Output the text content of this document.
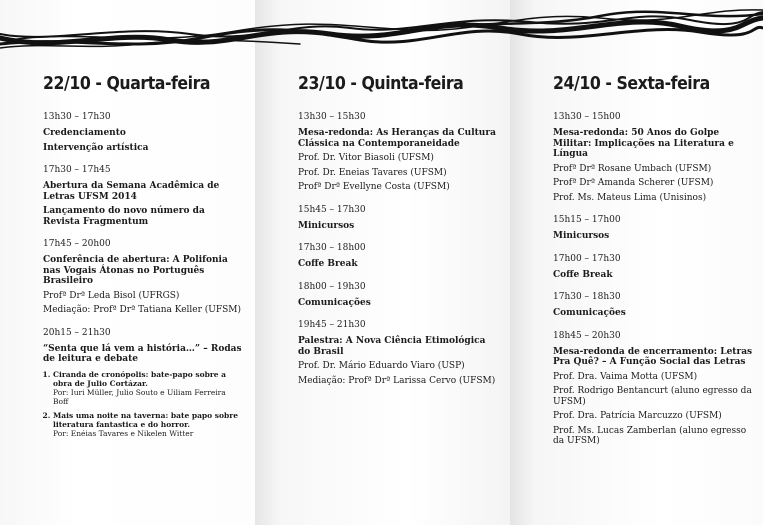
22/10 - Quarta-feira
13h30 – 17h30
Credenciamento
Intervenção artística
17h30 – 17h45
Abertura da Semana Acadêmica de Letras UFSM 2014
Lançamento do novo número da Revista Fragmentum
17h45 – 20h00
Conferência de abertura: A Polifonia nas Vogais Átonas no Português Brasileiro
Profª Drª Leda Bisol (UFRGS)
Mediação: Profª Drª Tatiana Keller (UFSM)
20h15 – 21h30
“Senta que lá vem a história…” – Rodas de leitura e debate
1. Ciranda de cronópolis: bate-papo sobre a obra de Julio Cortázar.
Por: Iuri Müller, Julio Souto e Uiliam Ferreira Boff
2. Mais uma noite na taverna: bate papo sobre literatura fantastica e do horror.
Por: Enéias Tavares e Nikelen Witter
23/10 - Quinta-feira
13h30 – 15h30
Mesa-redonda: As Heranças da Cultura Clássica na Contemporaneidade
Prof. Dr. Vitor Biasoli (UFSM)
Prof. Dr. Eneias Tavares (UFSM)
Profª Drª Evellyne Costa (UFSM)
15h45 – 17h30
Minicursos
17h30 – 18h00
Coffe Break
18h00 – 19h30
Comunicações
19h45 – 21h30
Palestra: A Nova Ciência Etimológica do Brasil
Prof. Dr. Mário Eduardo Viaro (USP)
Mediação: Profª Drª Larissa Cervo (UFSM)
24/10 - Sexta-feira
13h30 – 15h00
Mesa-redonda: 50 Anos do Golpe Militar: Implicações na Literatura e Língua
Profª Drª Rosane Umbach (UFSM)
Profª Drª Amanda Scherer (UFSM)
Prof. Ms. Mateus Lima (Unisinos)
15h15 – 17h00
Minicursos
17h00 – 17h30
Coffe Break
17h30 – 18h30
Comunicações
18h45 – 20h30
Mesa-redonda de encerramento: Letras Pra Quê? – A Função Social das Letras
Prof. Dra. Vaima Motta (UFSM)
Prof. Rodrigo Bentancurt (aluno egresso da UFSM)
Prof. Dra. Patrícia Marcuzzo (UFSM)
Prof. Ms. Lucas Zamberlan (aluno egresso da UFSM)
